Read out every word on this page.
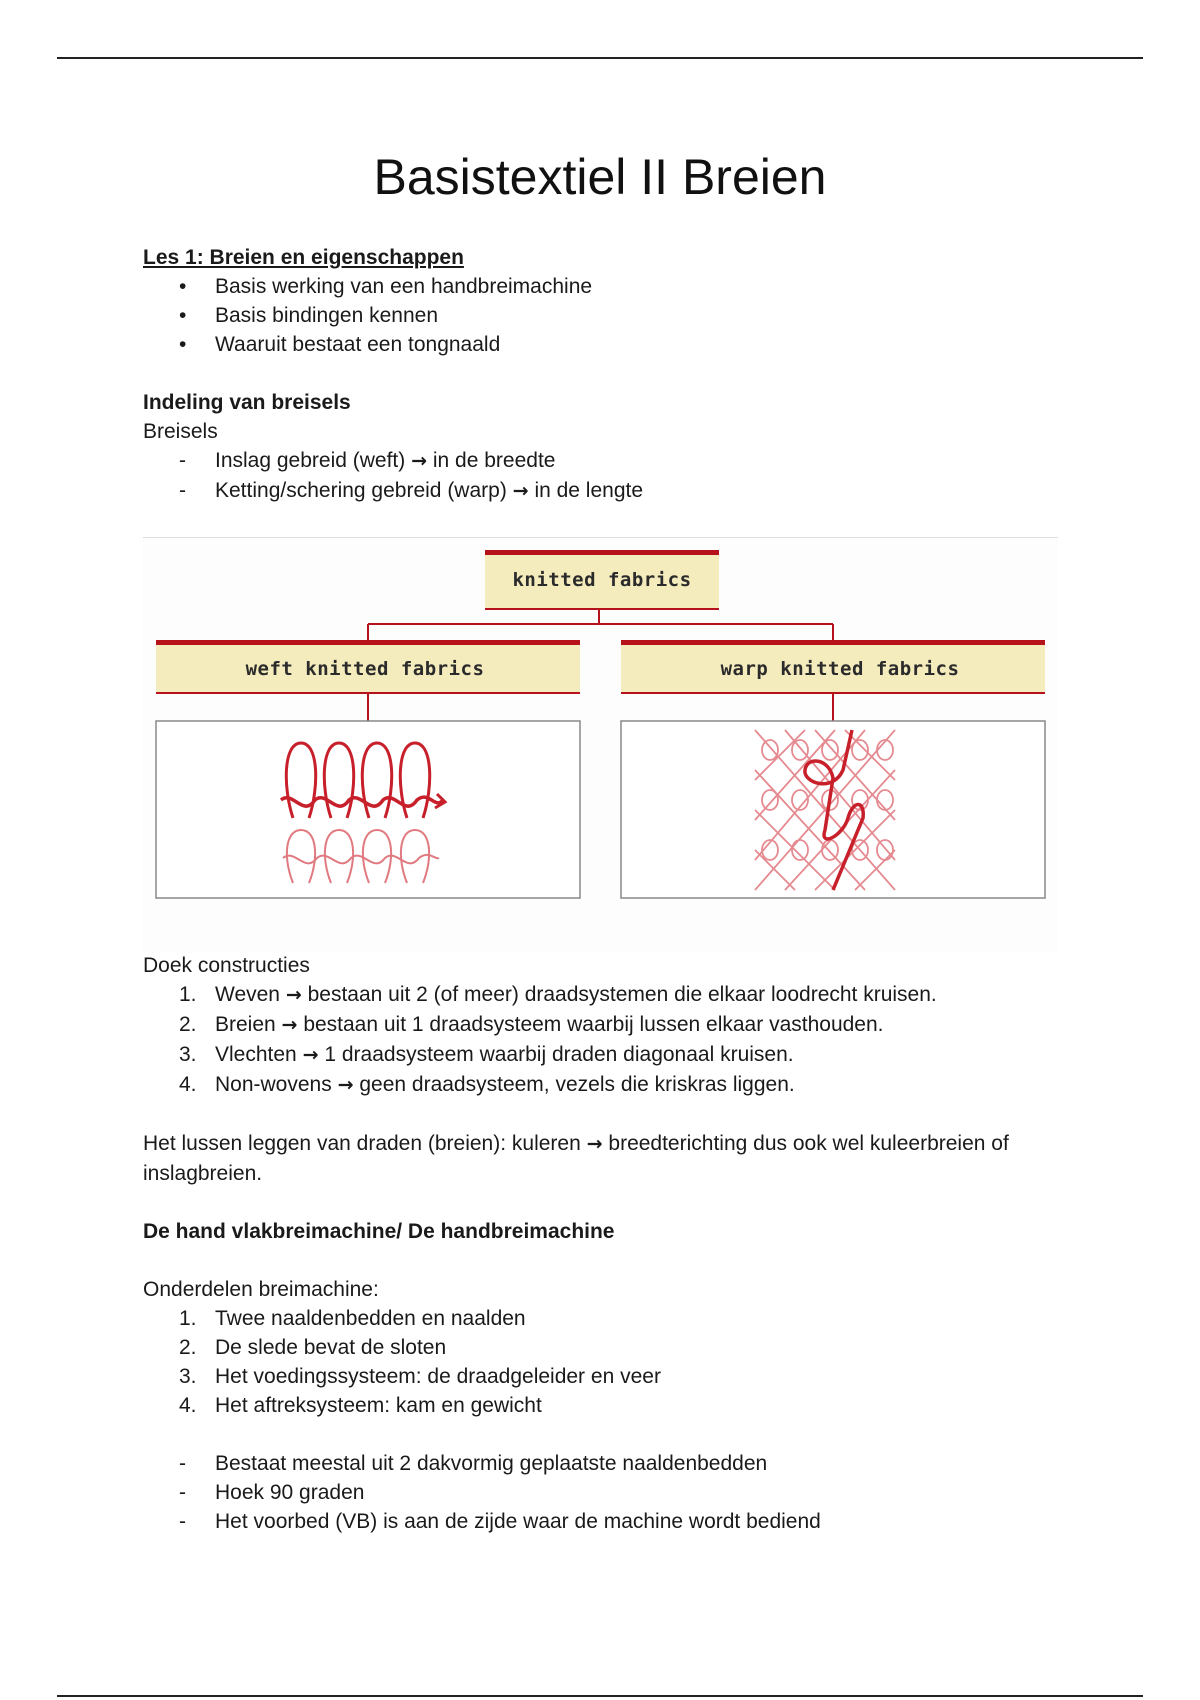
Basistextiel II Breien

Les 1: Breien en eigenschappen

•	Basis werking van een handbreimachine
•	Basis bindingen kennen
•	Waaruit bestaat een tongnaald

Indeling van breisels

Breisels

-	Inslag gebreid (weft) → in de breedte
-	Ketting/schering gebreid (warp) → in de lengte
knitted fabrics
weft knitted fabrics	warp knitted fabrics

Doek constructies

1. Weven → bestaan uit 2 (of meer) draadsystemen die elkaar loodrecht kruisen.
2. Breien → bestaan uit 1 draadsysteem waarbij lussen elkaar vasthouden.
3. Vlechten → 1 draadsysteem waarbij draden diagonaal kruisen.
4. Non-wovens → geen draadsysteem, vezels die kriskras liggen.

Het lussen leggen van draden (breien): kuleren → breedterichting dus ook wel kuleerbreien of inslagbreien.

De hand vlakbreimachine/ De handbreimachine

Onderdelen breimachine:

1. Twee naaldenbedden en naalden
2. De slede bevat de sloten
3. Het voedingssysteem: de draadgeleider en veer
4. Het aftreksysteem: kam en gewicht
-	Bestaat meestal uit 2 dakvormig geplaatste naaldenbedden
-	Hoek 90 graden
-	Het voorbed (VB) is aan de zijde waar de machine wordt bediend
